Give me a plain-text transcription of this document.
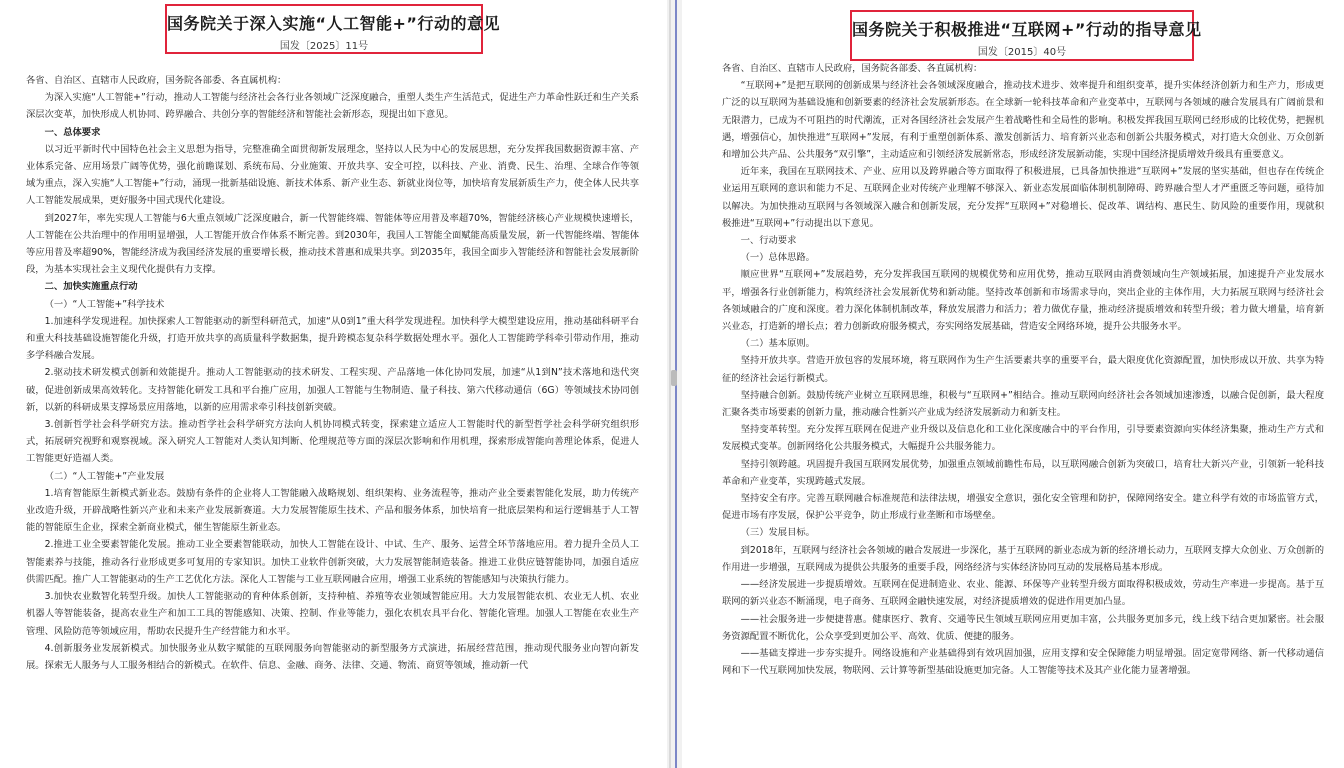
国务院关于深入实施“人工智能+”行动的意见
国发〔2025〕11号

各省、自治区、直辖市人民政府，国务院各部委、各直属机构：

为深入实施“人工智能+”行动，推动人工智能与经济社会各行业各领域广泛深度融合，重塑人类生产生活范式，促进生产力革命性跃迁和生产关系深层次变革，加快形成人机协同、跨界融合、共创分享的智能经济和智能社会新形态，现提出如下意见。

一、总体要求

以习近平新时代中国特色社会主义思想为指导，完整准确全面贯彻新发展理念，坚持以人民为中心的发展思想，充分发挥我国数据资源丰富、产业体系完备、应用场景广阔等优势，强化前瞻谋划、系统布局、分业施策、开放共享、安全可控，以科技、产业、消费、民生、治理、全球合作等领域为重点，深入实施“人工智能+”行动，涌现一批新基础设施、新技术体系、新产业生态、新就业岗位等，加快培育发展新质生产力，使全体人民共享人工智能发展成果，更好服务中国式现代化建设。

到2027年，率先实现人工智能与6大重点领域广泛深度融合，新一代智能终端、智能体等应用普及率超70%，智能经济核心产业规模快速增长，人工智能在公共治理中的作用明显增强，人工智能开放合作体系不断完善。到2030年，我国人工智能全面赋能高质量发展，新一代智能终端、智能体等应用普及率超90%，智能经济成为我国经济发展的重要增长极，推动技术普惠和成果共享。到2035年，我国全面步入智能经济和智能社会发展新阶段，为基本实现社会主义现代化提供有力支撑。

二、加快实施重点行动

（一）“人工智能+”科学技术

1.加速科学发现进程。加快探索人工智能驱动的新型科研范式，加速“从0到1”重大科学发现进程。加快科学大模型建设应用，推动基础科研平台和重大科技基础设施智能化升级，打造开放共享的高质量科学数据集，提升跨模态复杂科学数据处理水平。强化人工智能跨学科牵引带动作用，推动多学科融合发展。

2.驱动技术研发模式创新和效能提升。推动人工智能驱动的技术研发、工程实现、产品落地一体化协同发展，加速“从1到N”技术落地和迭代突破，促进创新成果高效转化。支持智能化研发工具和平台推广应用，加强人工智能与生物制造、量子科技、第六代移动通信（6G）等领域技术协同创新，以新的科研成果支撑场景应用落地，以新的应用需求牵引科技创新突破。

3.创新哲学社会科学研究方法。推动哲学社会科学研究方法向人机协同模式转变，探索建立适应人工智能时代的新型哲学社会科学研究组织形式，拓展研究视野和观察视域。深入研究人工智能对人类认知判断、伦理规范等方面的深层次影响和作用机理，探索形成智能向善理论体系，促进人工智能更好造福人类。

（二）“人工智能+”产业发展

1.培育智能原生新模式新业态。鼓励有条件的企业将人工智能融入战略规划、组织架构、业务流程等，推动产业全要素智能化发展，助力传统产业改造升级，开辟战略性新兴产业和未来产业发展新赛道。大力发展智能原生技术、产品和服务体系，加快培育一批底层架构和运行逻辑基于人工智能的智能原生企业，探索全新商业模式，催生智能原生新业态。

2.推进工业全要素智能化发展。推动工业全要素智能联动，加快人工智能在设计、中试、生产、服务、运营全环节落地应用。着力提升全员人工智能素养与技能，推动各行业形成更多可复用的专家知识。加快工业软件创新突破，大力发展智能制造装备。推进工业供应链智能协同，加强自适应供需匹配。推广人工智能驱动的生产工艺优化方法。深化人工智能与工业互联网融合应用，增强工业系统的智能感知与决策执行能力。

3.加快农业数智化转型升级。加快人工智能驱动的育种体系创新，支持种植、养殖等农业领域智能应用。大力发展智能农机、农业无人机、农业机器人等智能装备，提高农业生产和加工工具的智能感知、决策、控制、作业等能力，强化农机农具平台化、智能化管理。加强人工智能在农业生产管理、风险防范等领域应用，帮助农民提升生产经营能力和水平。

4.创新服务业发展新模式。加快服务业从数字赋能的互联网服务向智能驱动的新型服务方式演进，拓展经营范围，推动现代服务业向智向新发展。探索无人服务与人工服务相结合的新模式。在软件、信息、金融、商务、法律、交通、物流、商贸等领域，推动新一代

国务院关于积极推进“互联网+”行动的指导意见
国发〔2015〕40号

各省、自治区、直辖市人民政府，国务院各部委、各直属机构：

“互联网+”是把互联网的创新成果与经济社会各领域深度融合，推动技术进步、效率提升和组织变革，提升实体经济创新力和生产力，形成更广泛的以互联网为基础设施和创新要素的经济社会发展新形态。在全球新一轮科技革命和产业变革中，互联网与各领域的融合发展具有广阔前景和无限潜力，已成为不可阻挡的时代潮流，正对各国经济社会发展产生着战略性和全局性的影响。积极发挥我国互联网已经形成的比较优势，把握机遇，增强信心，加快推进“互联网+”发展，有利于重塑创新体系、激发创新活力、培育新兴业态和创新公共服务模式，对打造大众创业、万众创新和增加公共产品、公共服务“双引擎”，主动适应和引领经济发展新常态，形成经济发展新动能，实现中国经济提质增效升级具有重要意义。

近年来，我国在互联网技术、产业、应用以及跨界融合等方面取得了积极进展，已具备加快推进“互联网+”发展的坚实基础，但也存在传统企业运用互联网的意识和能力不足、互联网企业对传统产业理解不够深入、新业态发展面临体制机制障碍、跨界融合型人才严重匮乏等问题，亟待加以解决。为加快推动互联网与各领域深入融合和创新发展，充分发挥“互联网+”对稳增长、促改革、调结构、惠民生、防风险的重要作用，现就积极推进“互联网+”行动提出以下意见。

一、行动要求

（一）总体思路。

顺应世界“互联网+”发展趋势，充分发挥我国互联网的规模优势和应用优势，推动互联网由消费领域向生产领域拓展，加速提升产业发展水平，增强各行业创新能力，构筑经济社会发展新优势和新动能。坚持改革创新和市场需求导向，突出企业的主体作用，大力拓展互联网与经济社会各领域融合的广度和深度。着力深化体制机制改革，释放发展潜力和活力；着力做优存量，推动经济提质增效和转型升级；着力做大增量，培育新兴业态，打造新的增长点；着力创新政府服务模式，夯实网络发展基础，营造安全网络环境，提升公共服务水平。

（二）基本原则。

坚持开放共享。营造开放包容的发展环境，将互联网作为生产生活要素共享的重要平台，最大限度优化资源配置，加快形成以开放、共享为特征的经济社会运行新模式。

坚持融合创新。鼓励传统产业树立互联网思维，积极与“互联网+”相结合。推动互联网向经济社会各领域加速渗透，以融合促创新，最大程度汇聚各类市场要素的创新力量，推动融合性新兴产业成为经济发展新动力和新支柱。

坚持变革转型。充分发挥互联网在促进产业升级以及信息化和工业化深度融合中的平台作用，引导要素资源向实体经济集聚，推动生产方式和发展模式变革。创新网络化公共服务模式，大幅提升公共服务能力。

坚持引领跨越。巩固提升我国互联网发展优势，加强重点领域前瞻性布局，以互联网融合创新为突破口，培育壮大新兴产业，引领新一轮科技革命和产业变革，实现跨越式发展。

坚持安全有序。完善互联网融合标准规范和法律法规，增强安全意识，强化安全管理和防护，保障网络安全。建立科学有效的市场监管方式，促进市场有序发展，保护公平竞争，防止形成行业垄断和市场壁垒。

（三）发展目标。

到2018年，互联网与经济社会各领域的融合发展进一步深化，基于互联网的新业态成为新的经济增长动力，互联网支撑大众创业、万众创新的作用进一步增强，互联网成为提供公共服务的重要手段，网络经济与实体经济协同互动的发展格局基本形成。

——经济发展进一步提质增效。互联网在促进制造业、农业、能源、环保等产业转型升级方面取得积极成效，劳动生产率进一步提高。基于互联网的新兴业态不断涌现，电子商务、互联网金融快速发展，对经济提质增效的促进作用更加凸显。

——社会服务进一步便捷普惠。健康医疗、教育、交通等民生领域互联网应用更加丰富，公共服务更加多元，线上线下结合更加紧密。社会服务资源配置不断优化，公众享受到更加公平、高效、优质、便捷的服务。

——基础支撑进一步夯实提升。网络设施和产业基础得到有效巩固加强，应用支撑和安全保障能力明显增强。固定宽带网络、新一代移动通信网和下一代互联网加快发展，物联网、云计算等新型基础设施更加完备。人工智能等技术及其产业化能力显著增强。
